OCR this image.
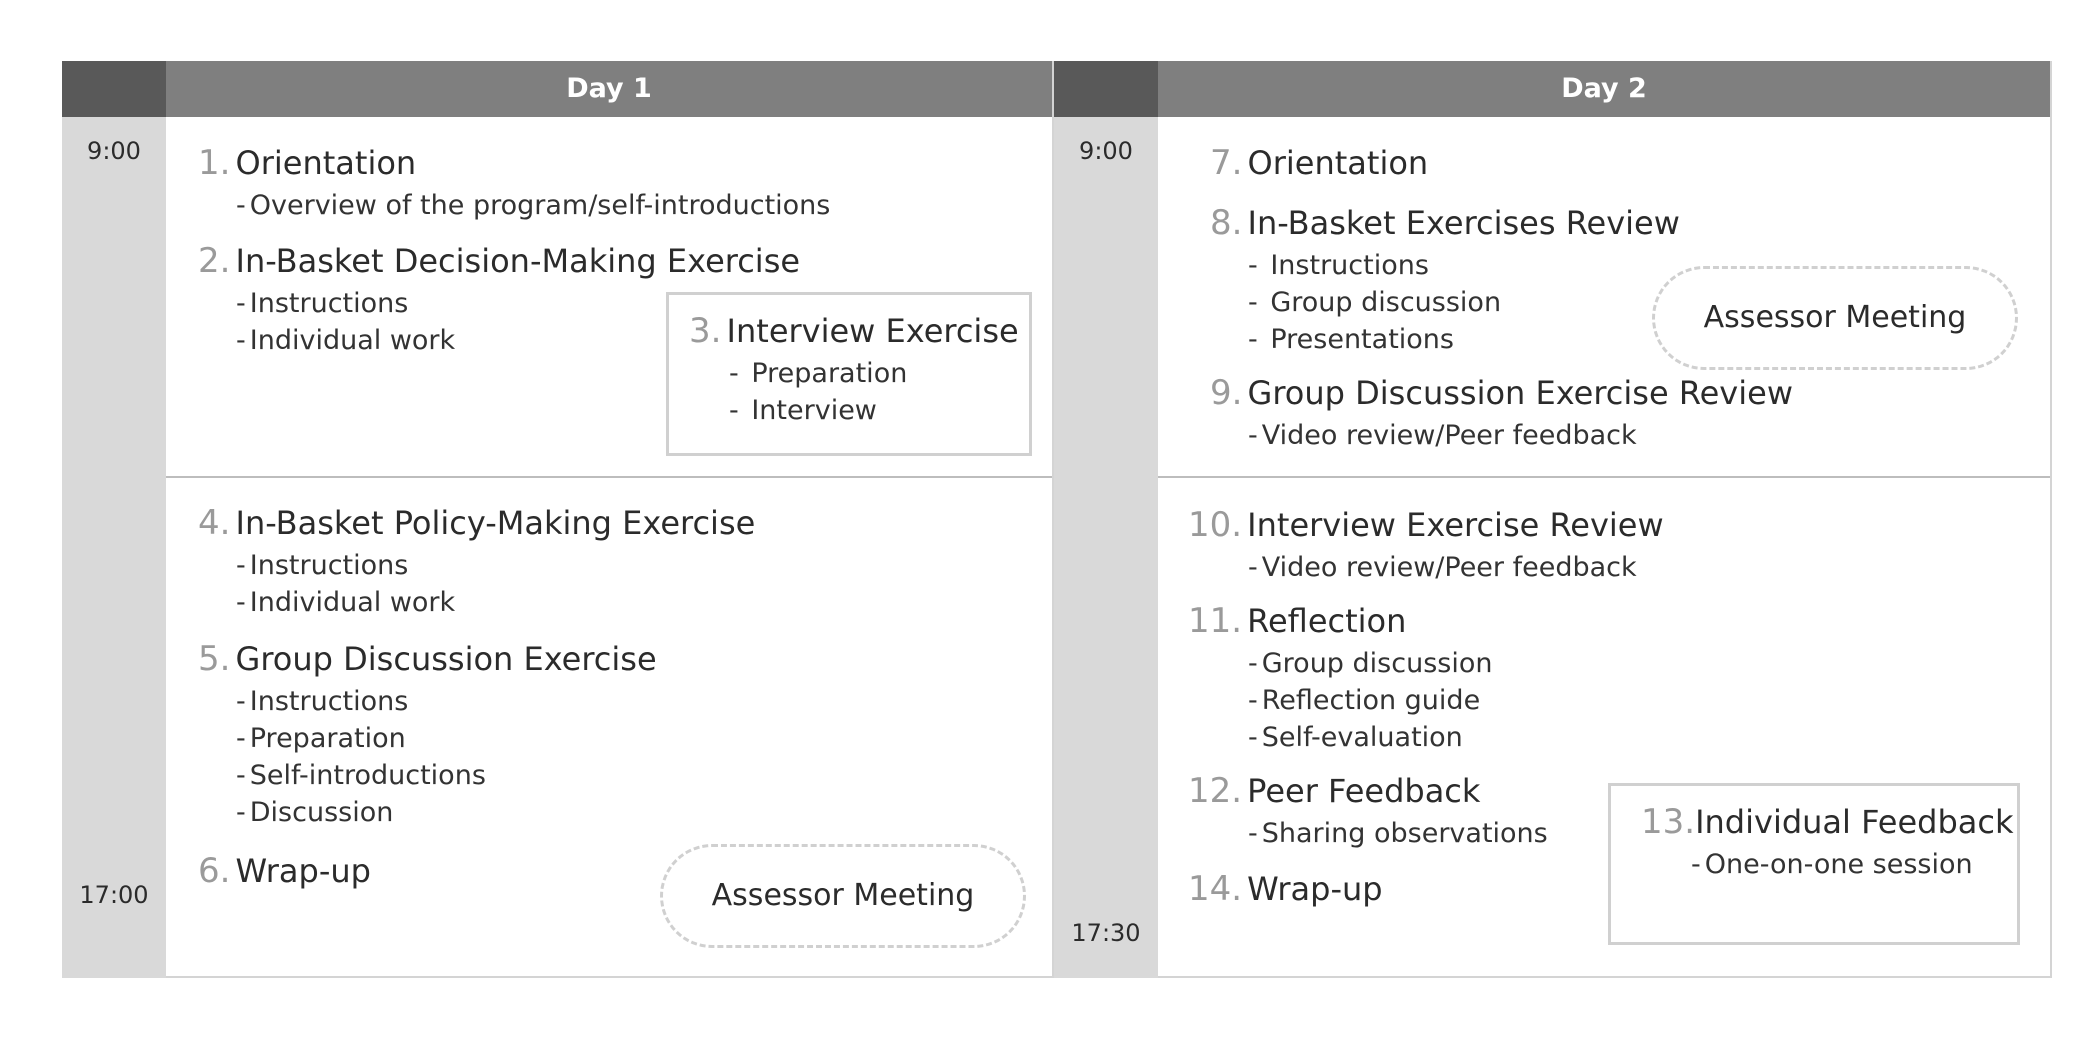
9:00
17:00
Day 1
1. Orientation
- Overview of the program/self-introductions
2. In-Basket Decision-Making Exercise
- Instructions
- Individual work	3. Interview Exercise
- Preparation
- Interview
4. In-Basket Policy-Making Exercise
- Instructions
- Individual work
5. Group Discussion Exercise
- Instructions
- Preparation
- Self-introductions
- Discussion
6. Wrap-up
Assessor Meeting
9:00
17:30
Day 2
7. Orientation
8. In-Basket Exercises Review
- Instructions
- Group discussion
- Presentations
Assessor Meeting
9. Group Discussion Exercise Review
- Video review/Peer feedback
10. Interview Exercise Review
- Video review/Peer feedback
11. Reflection
- Group discussion
- Reflection guide
- Self-evaluation
12. Peer Feedback
- Sharing observations	13.Individual Feedback
- One-on-one session
14. Wrap-up
